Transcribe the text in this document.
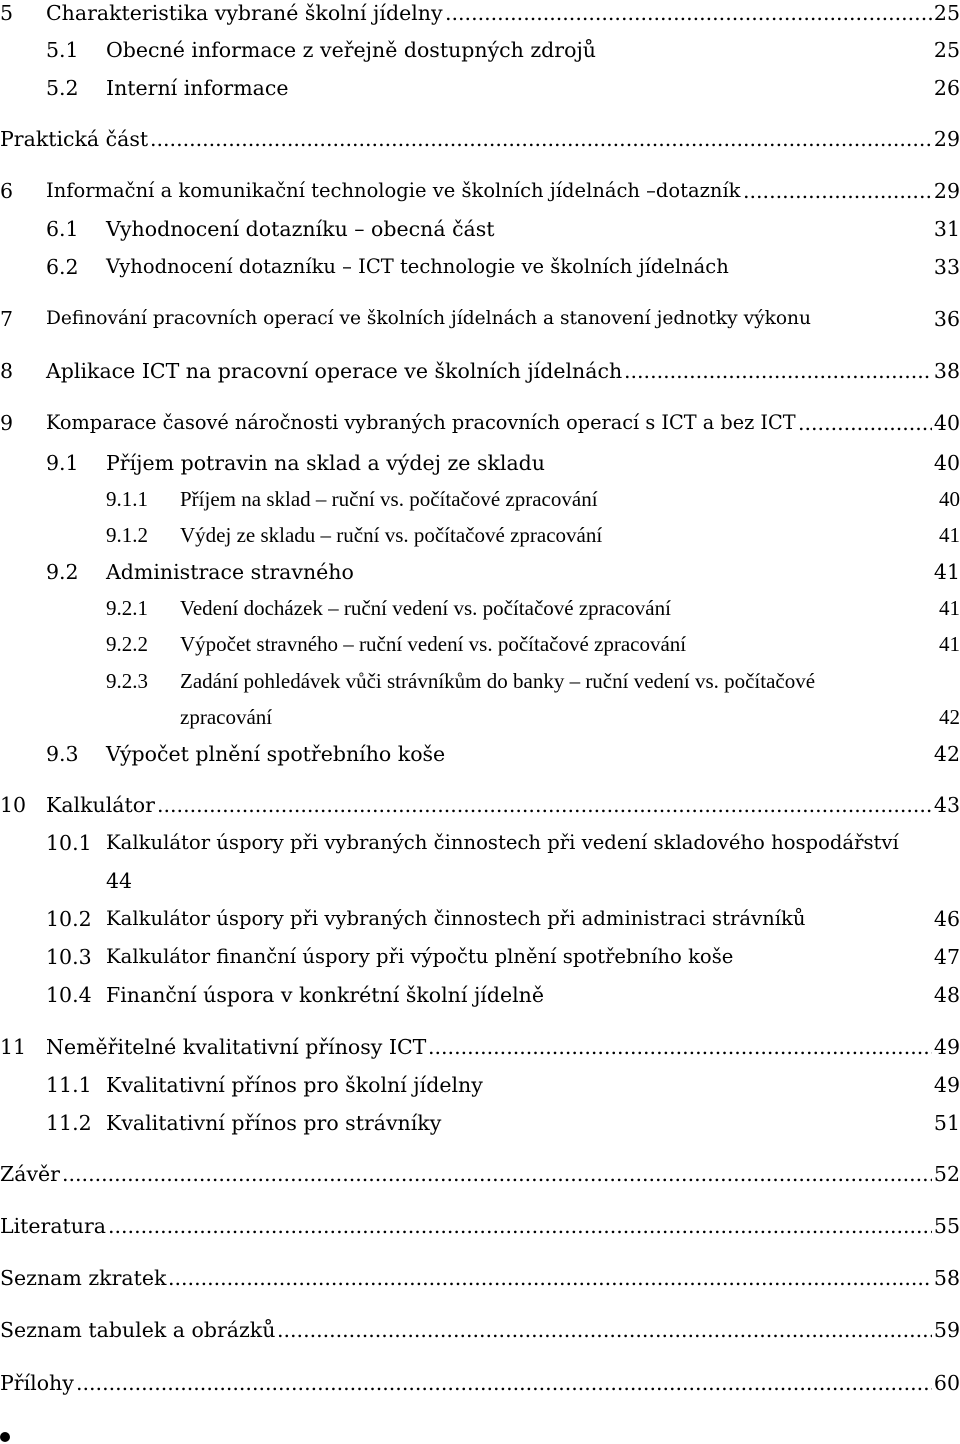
5 Charakteristika vybrané školní jídelny .....	25
5.1 Obecné informace z veřejně dostupných zdrojů	25
5.2 Interní informace	26
Praktická část .....	29
6 Informační a komunikační technologie ve školních jídelnách –dotazník .....	29
6.1 Vyhodnocení dotazníku – obecná část	31
6.2 Vyhodnocení dotazníku – ICT technologie ve školních jídelnách	33
7 Definování pracovních operací ve školních jídelnách a stanovení jednotky výkonu	36
8 Aplikace ICT na pracovní operace ve školních jídelnách .....	38
9 Komparace časové náročnosti vybraných pracovních operací s ICT a bez ICT .....	40
9.1 Příjem potravin na sklad a výdej ze skladu	40
9.1.1 Příjem na sklad – ruční vs. počítačové zpracování	40
9.1.2 Výdej ze skladu – ruční vs. počítačové zpracování	41
9.2 Administrace stravného	41
9.2.1 Vedení docházek – ruční vedení vs. počítačové zpracování	41
9.2.2 Výpočet stravného – ruční vedení vs. počítačové zpracování	41
9.2.3 Zadání pohledávek vůči strávníkům do banky – ruční vedení vs. počítačové
zpracování	42
9.3 Výpočet plnění spotřebního koše	42
10 Kalkulátor .....	43
10.1 Kalkulátor úspory při vybraných činnostech při vedení skladového hospodářství
44
10.2 Kalkulátor úspory při vybraných činnostech při administraci strávníků	46
10.3 Kalkulátor finanční úspory při výpočtu plnění spotřebního koše	47
10.4 Finanční úspora v konkrétní školní jídelně	48
11 Neměřitelné kvalitativní přínosy ICT .....	49
11.1 Kvalitativní přínos pro školní jídelny	49
11.2 Kvalitativní přínos pro strávníky	51
Závěr .....	52
Literatura .....	55
Seznam zkratek .....	58
Seznam tabulek a obrázků .....	59
Přílohy .....	60
